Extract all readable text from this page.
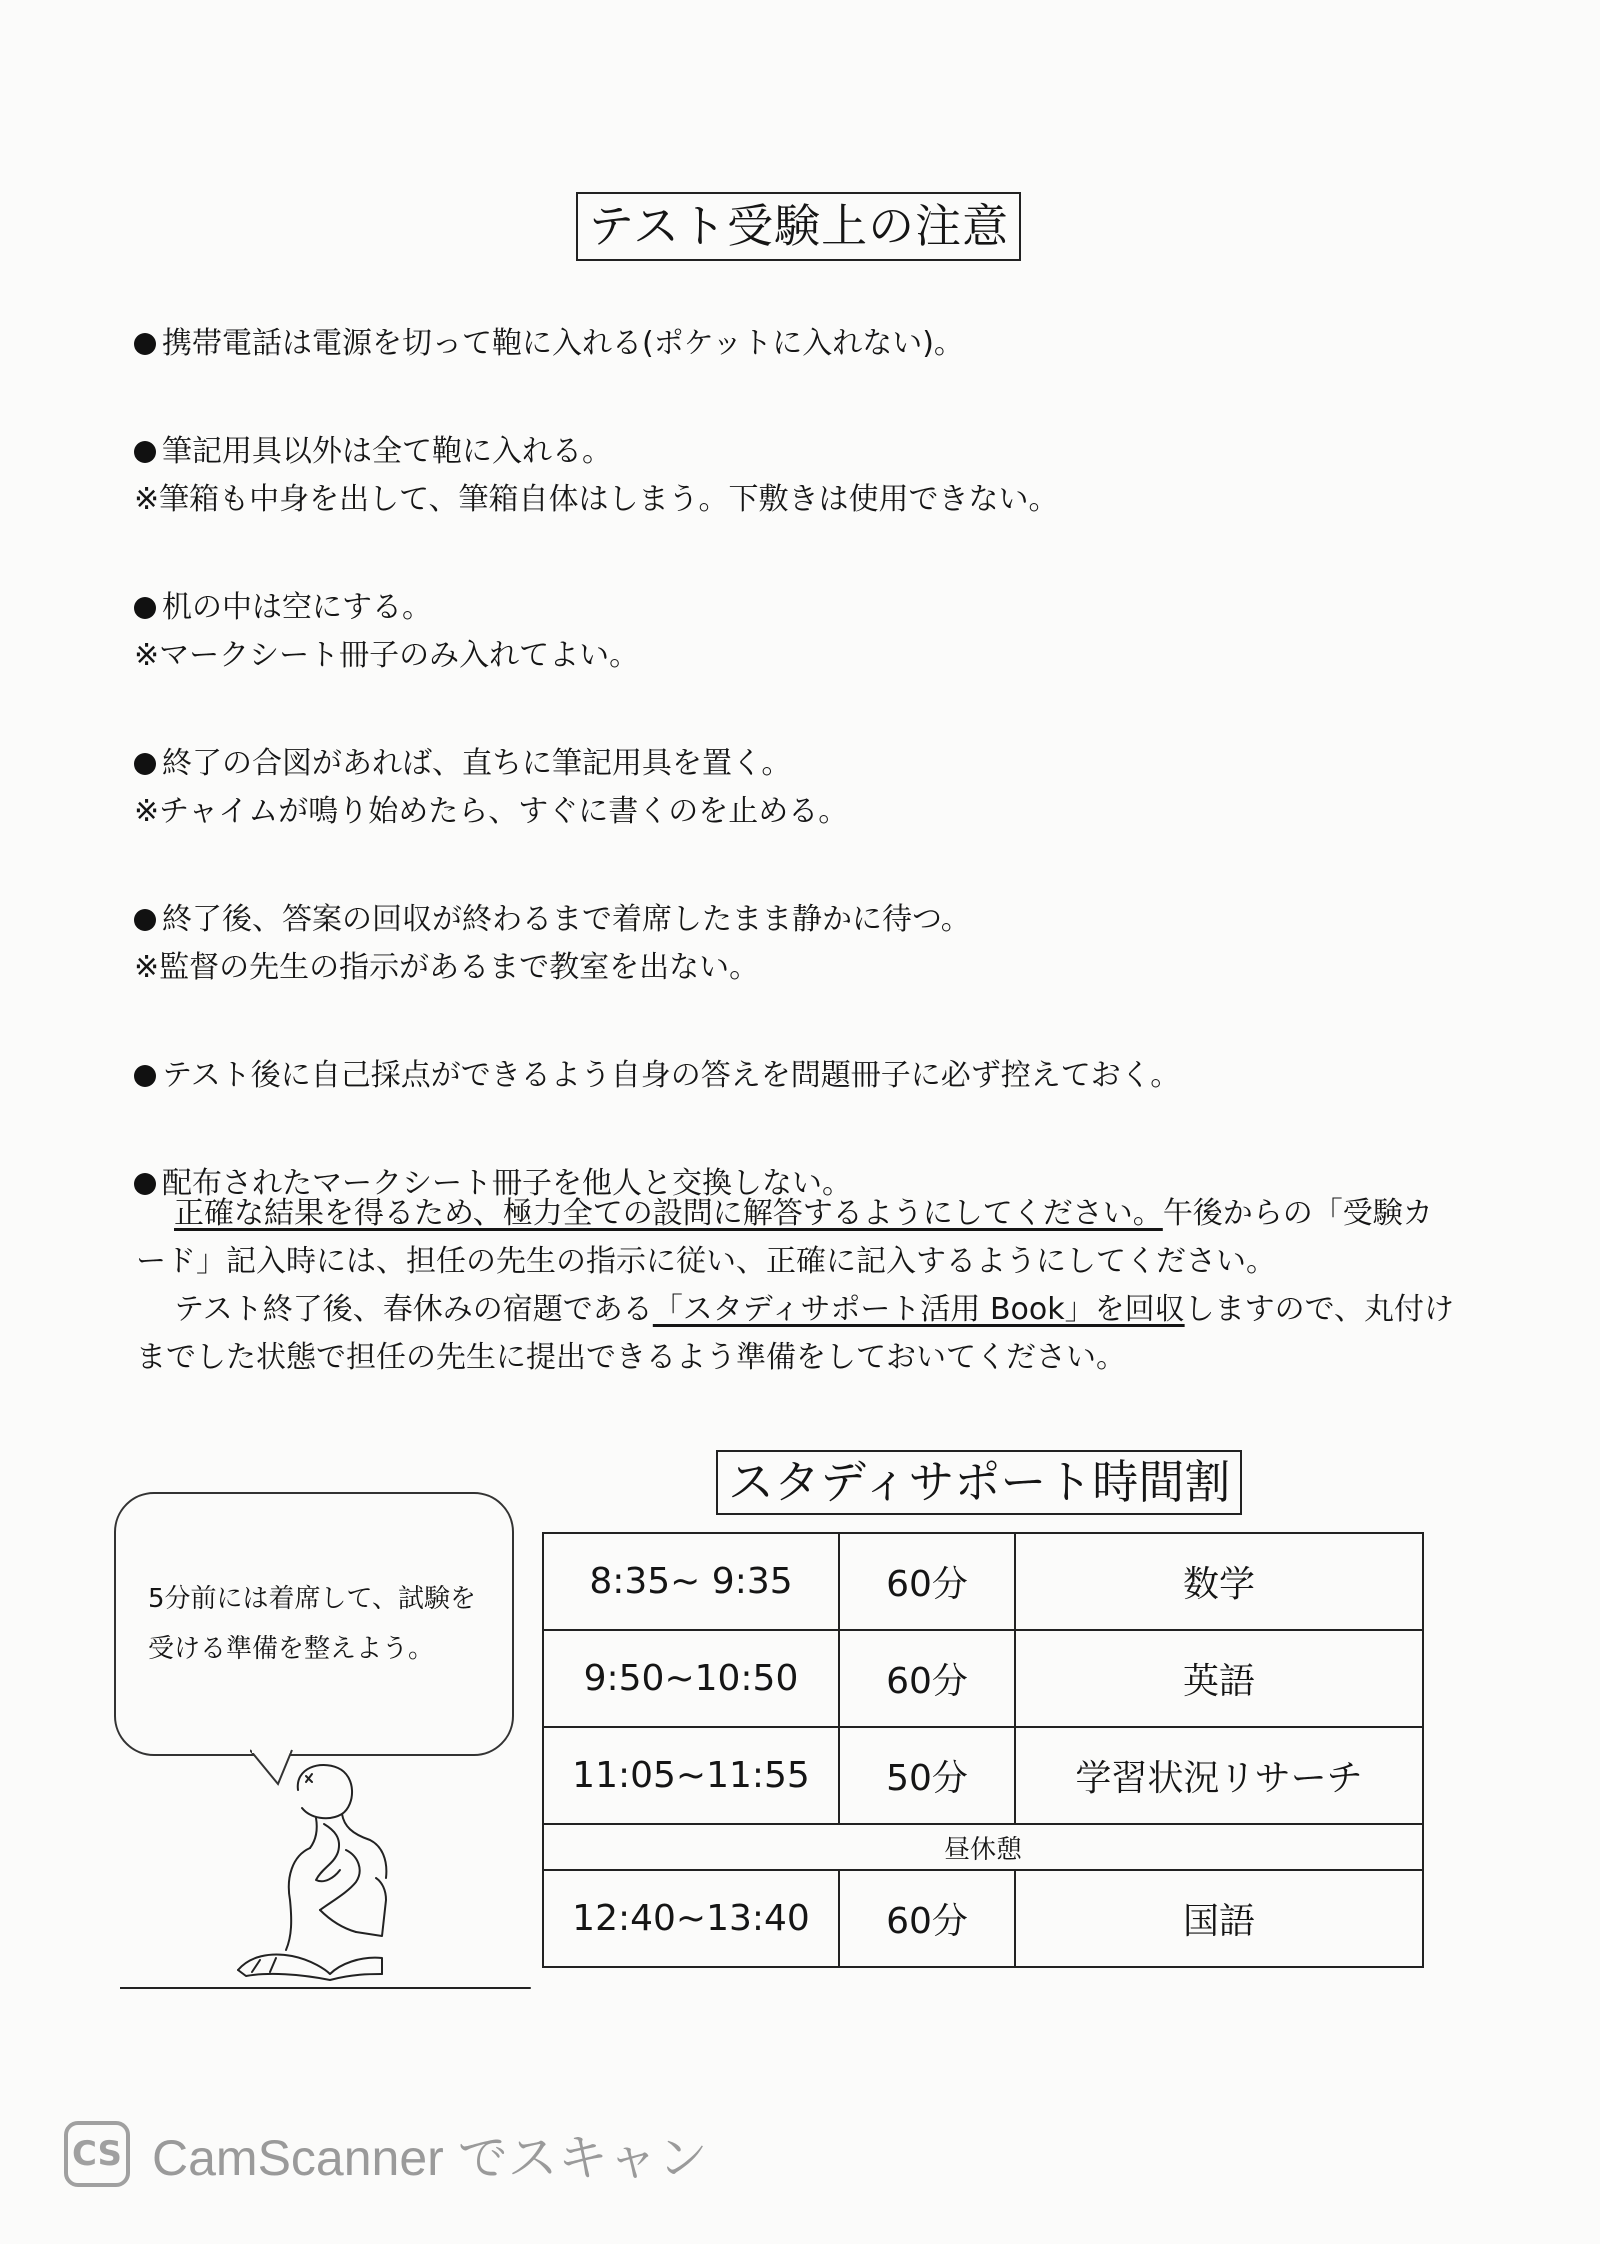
テスト受験上の注意
携帯電話は電源を切って鞄に入れる(ポケットに入れない)。
筆記用具以外は全て鞄に入れる。
※筆箱も中身を出して、筆箱自体はしまう。下敷きは使用できない。
机の中は空にする。
※マークシート冊子のみ入れてよい。
終了の合図があれば、直ちに筆記用具を置く。
※チャイムが鳴り始めたら、すぐに書くのを止める。
終了後、答案の回収が終わるまで着席したまま静かに待つ。
※監督の先生の指示があるまで教室を出ない。
テスト後に自己採点ができるよう自身の答えを問題冊子に必ず控えておく。
配布されたマークシート冊子を他人と交換しない。

正確な結果を得るため、極力全ての設問に解答するようにしてください。午後からの「受験カード」記入時には、担任の先生の指示に従い、正確に記入するようにしてください。

テスト終了後、春休みの宿題である「スタディサポート活用 Book」を回収しますので、丸付けまでした状態で担任の先生に提出できるよう準備をしておいてください。

スタディサポート時間割
5分前には着席して、試験を受ける準備を整えよう。
8:35~ 9:35	60分	数学
9:50~10:50	60分	英語
11:05~11:55	50分	学習状況リサーチ
昼休憩		
12:40~13:40	60分	国語
CS CamScanner でスキャン
